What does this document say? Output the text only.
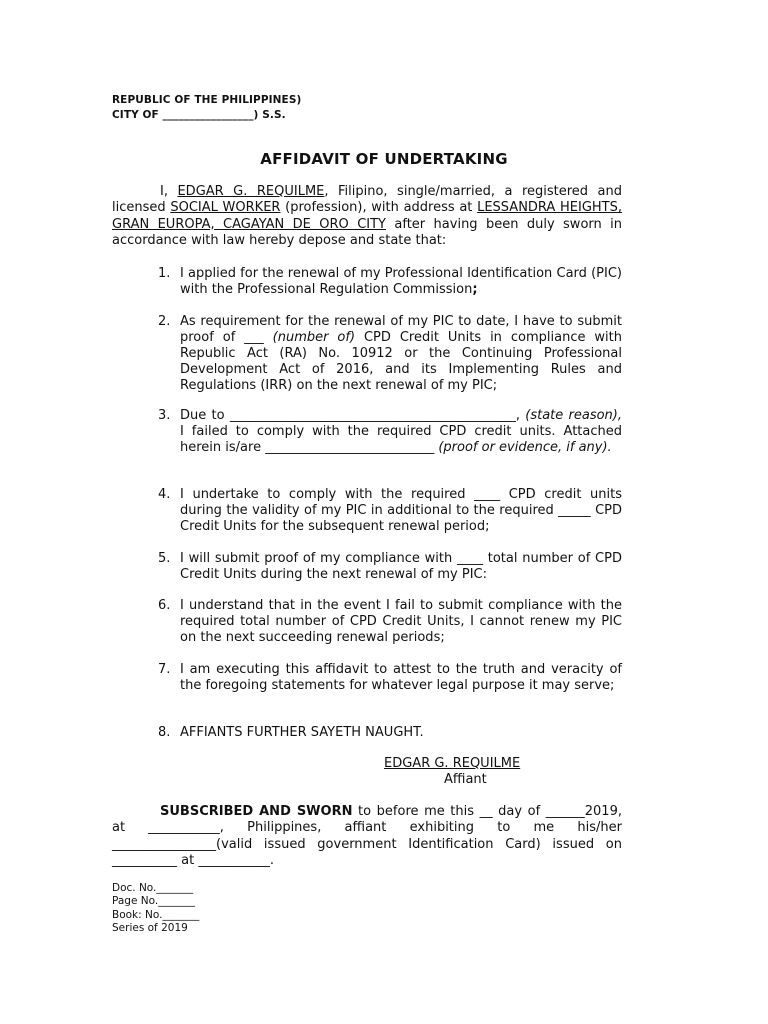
REPUBLIC OF THE PHILIPPINES)
CITY OF _________________) S.S.
AFFIDAVIT OF UNDERTAKING
I, EDGAR G. REQUILME, Filipino, single/married, a registered and licensed SOCIAL WORKER (profession), with address at LESSANDRA HEIGHTS, GRAN EUROPA, CAGAYAN DE ORO CITY after having been duly sworn in accordance with law hereby depose and state that:
1. I applied for the renewal of my Professional Identification Card (PIC) with the Professional Regulation Commission;
2. As requirement for the renewal of my PIC to date, I have to submit proof of ___ (number of) CPD Credit Units in compliance with Republic Act (RA) No. 10912 or the Continuing Professional Development Act of 2016, and its Implementing Rules and Regulations (IRR) on the next renewal of my PIC;
3. Due to ____________________________________________, (state reason), I failed to comply with the required CPD credit units. Attached herein is/are __________________________ (proof or evidence, if any).
4. I undertake to comply with the required ____ CPD credit units during the validity of my PIC in additional to the required _____ CPD Credit Units for the subsequent renewal period;
5. I will submit proof of my compliance with ____ total number of CPD Credit Units during the next renewal of my PIC:
6. I understand that in the event I fail to submit compliance with the required total number of CPD Credit Units, I cannot renew my PIC on the next succeeding renewal periods;
7. I am executing this affidavit to attest to the truth and veracity of the foregoing statements for whatever legal purpose it may serve;
8. AFFIANTS FURTHER SAYETH NAUGHT.
EDGAR G. REQUILME
Affiant
SUBSCRIBED AND SWORN to before me this __ day of ______2019, at ___________, Philippines, affiant exhibiting to me his/her ________________(valid issued government Identification Card) issued on __________ at ___________.
Doc. No._______
Page No._______
Book: No._______
Series of 2019
